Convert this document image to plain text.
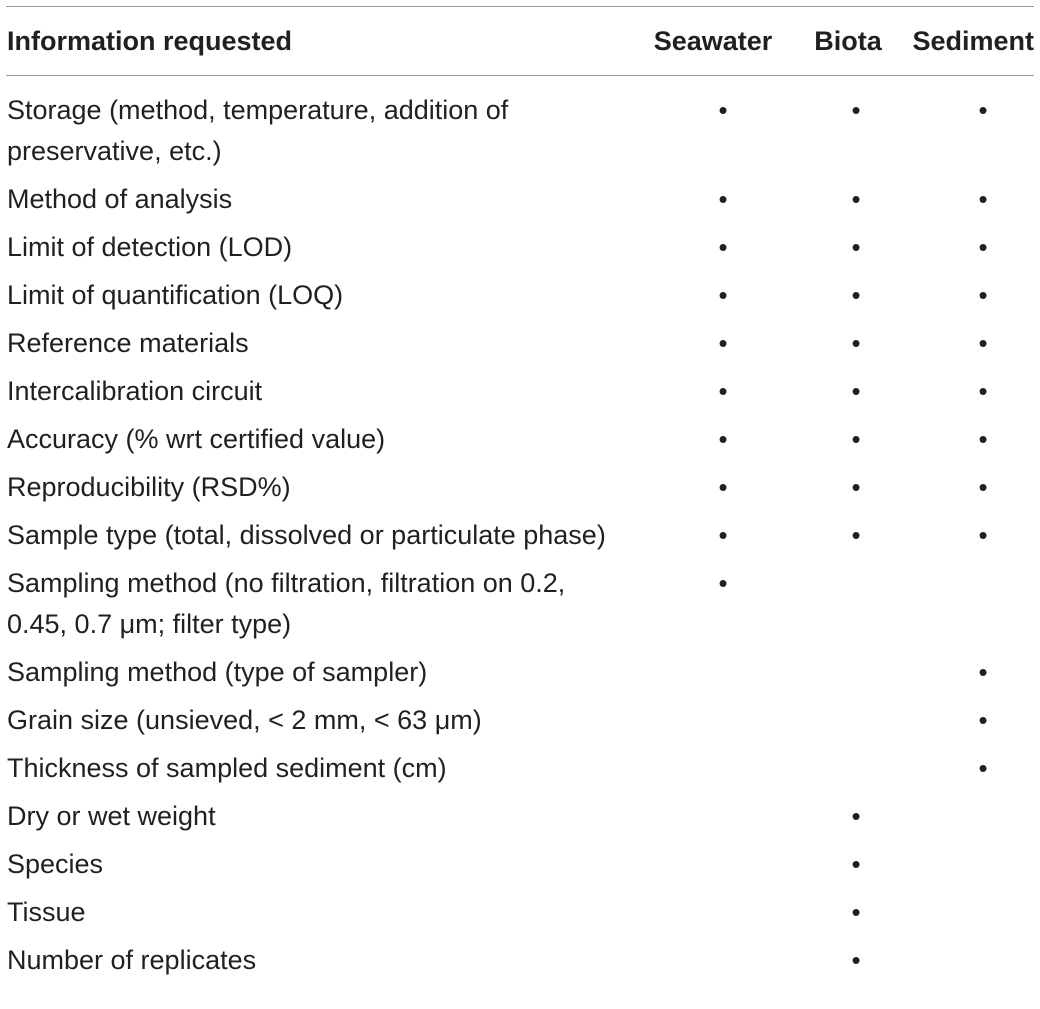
Information requested	Seawater	Biota	Sediment
Storage (method, temperature, addition of preservative, etc.)	•	•	•
Method of analysis	•	•	•
Limit of detection (LOD)	•	•	•
Limit of quantification (LOQ)	•	•	•
Reference materials	•	•	•
Intercalibration circuit	•	•	•
Accuracy (% wrt certified value)	•	•	•
Reproducibility (RSD%)	•	•	•
Sample type (total, dissolved or particulate phase)	•	•	•
Sampling method (no filtration, filtration on 0.2, 0.45, 0.7 μm; filter type)	•		
Sampling method (type of sampler)			•
Grain size (unsieved, < 2 mm, < 63 μm)			•
Thickness of sampled sediment (cm)			•
Dry or wet weight		•	
Species		•	
Tissue		•	
Number of replicates		•	
